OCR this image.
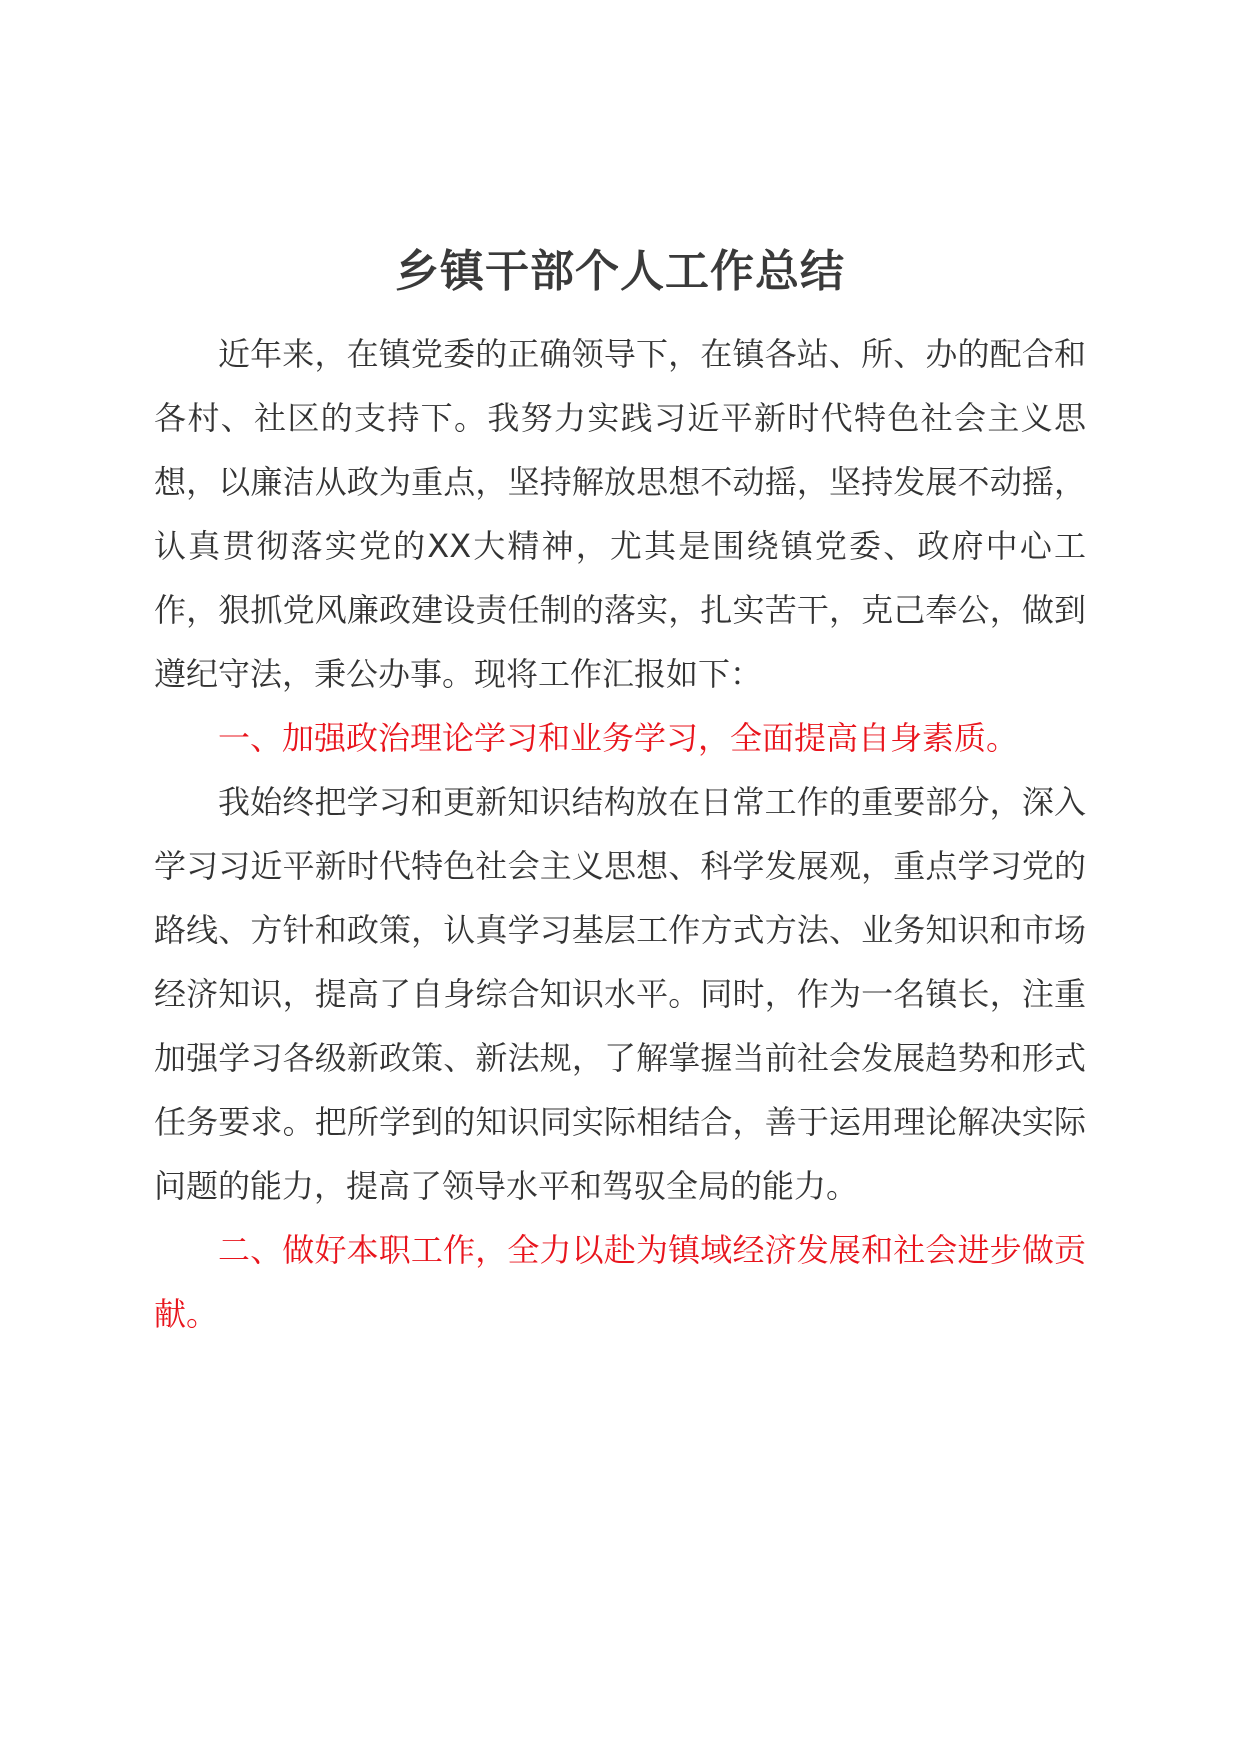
乡镇干部个人工作总结

近年来，在镇党委的正确领导下，在镇各站、所、办的配合和各村、社区的支持下。我努力实践习近平新时代特色社会主义思想，以廉洁从政为重点，坚持解放思想不动摇，坚持发展不动摇，认真贯彻落实党的XX大精神，尤其是围绕镇党委、政府中心工作，狠抓党风廉政建设责任制的落实，扎实苦干，克己奉公，做到遵纪守法，秉公办事。现将工作汇报如下：

一、加强政治理论学习和业务学习，全面提高自身素质。

我始终把学习和更新知识结构放在日常工作的重要部分，深入学习习近平新时代特色社会主义思想、科学发展观，重点学习党的路线、方针和政策，认真学习基层工作方式方法、业务知识和市场经济知识，提高了自身综合知识水平。同时，作为一名镇长，注重加强学习各级新政策、新法规，了解掌握当前社会发展趋势和形式任务要求。把所学到的知识同实际相结合，善于运用理论解决实际问题的能力，提高了领导水平和驾驭全局的能力。

二、做好本职工作，全力以赴为镇域经济发展和社会进步做贡献。
